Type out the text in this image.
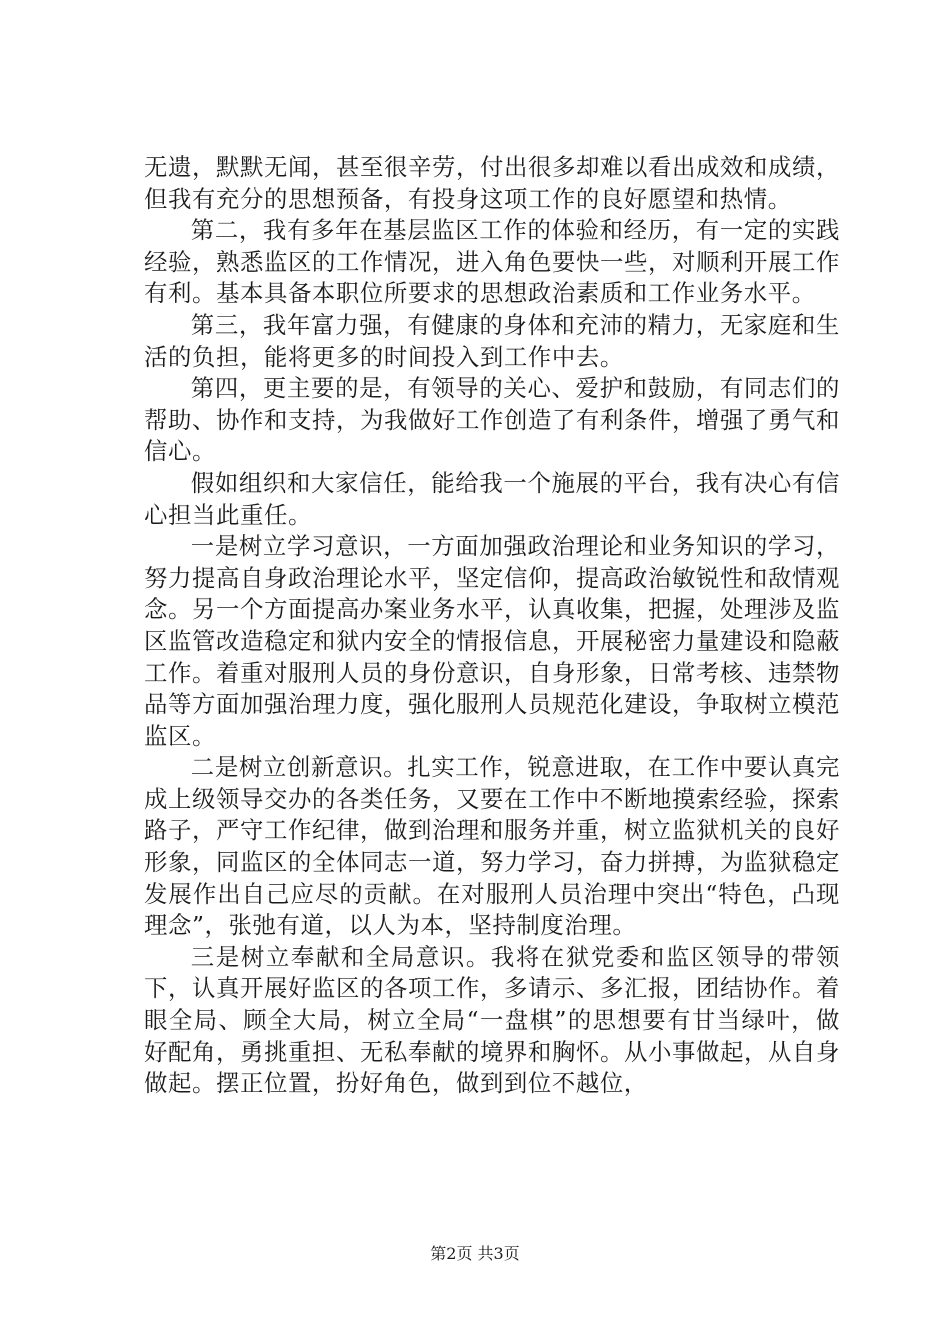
无遗，默默无闻，甚至很辛劳，付出很多却难以看出成效和成绩，但我有充分的思想预备，有投身这项工作的良好愿望和热情。

第二，我有多年在基层监区工作的体验和经历，有一定的实践经验，熟悉监区的工作情况，进入角色要快一些，对顺利开展工作有利。基本具备本职位所要求的思想政治素质和工作业务水平。

第三，我年富力强，有健康的身体和充沛的精力，无家庭和生活的负担，能将更多的时间投入到工作中去。

第四，更主要的是，有领导的关心、爱护和鼓励，有同志们的帮助、协作和支持，为我做好工作创造了有利条件，增强了勇气和信心。

假如组织和大家信任，能给我一个施展的平台，我有决心有信心担当此重任。

一是树立学习意识，一方面加强政治理论和业务知识的学习，努力提高自身政治理论水平，坚定信仰，提高政治敏锐性和敌情观念。另一个方面提高办案业务水平，认真收集，把握，处理涉及监区监管改造稳定和狱内安全的情报信息，开展秘密力量建设和隐蔽工作。着重对服刑人员的身份意识，自身形象，日常考核、违禁物品等方面加强治理力度，强化服刑人员规范化建设，争取树立模范监区。

二是树立创新意识。扎实工作，锐意进取，在工作中要认真完成上级领导交办的各类任务，又要在工作中不断地摸索经验，探索路子，严守工作纪律，做到治理和服务并重，树立监狱机关的良好形象，同监区的全体同志一道，努力学习，奋力拼搏，为监狱稳定发展作出自己应尽的贡献。在对服刑人员治理中突出“特色，凸现理念”，张弛有道，以人为本，坚持制度治理。

三是树立奉献和全局意识。我将在狱党委和监区领导的带领下，认真开展好监区的各项工作，多请示、多汇报，团结协作。着眼全局、顾全大局，树立全局“一盘棋”的思想要有甘当绿叶，做好配角，勇挑重担、无私奉献的境界和胸怀。从小事做起，从自身做起。摆正位置，扮好角色，做到到位不越位，

第2页 共3页
